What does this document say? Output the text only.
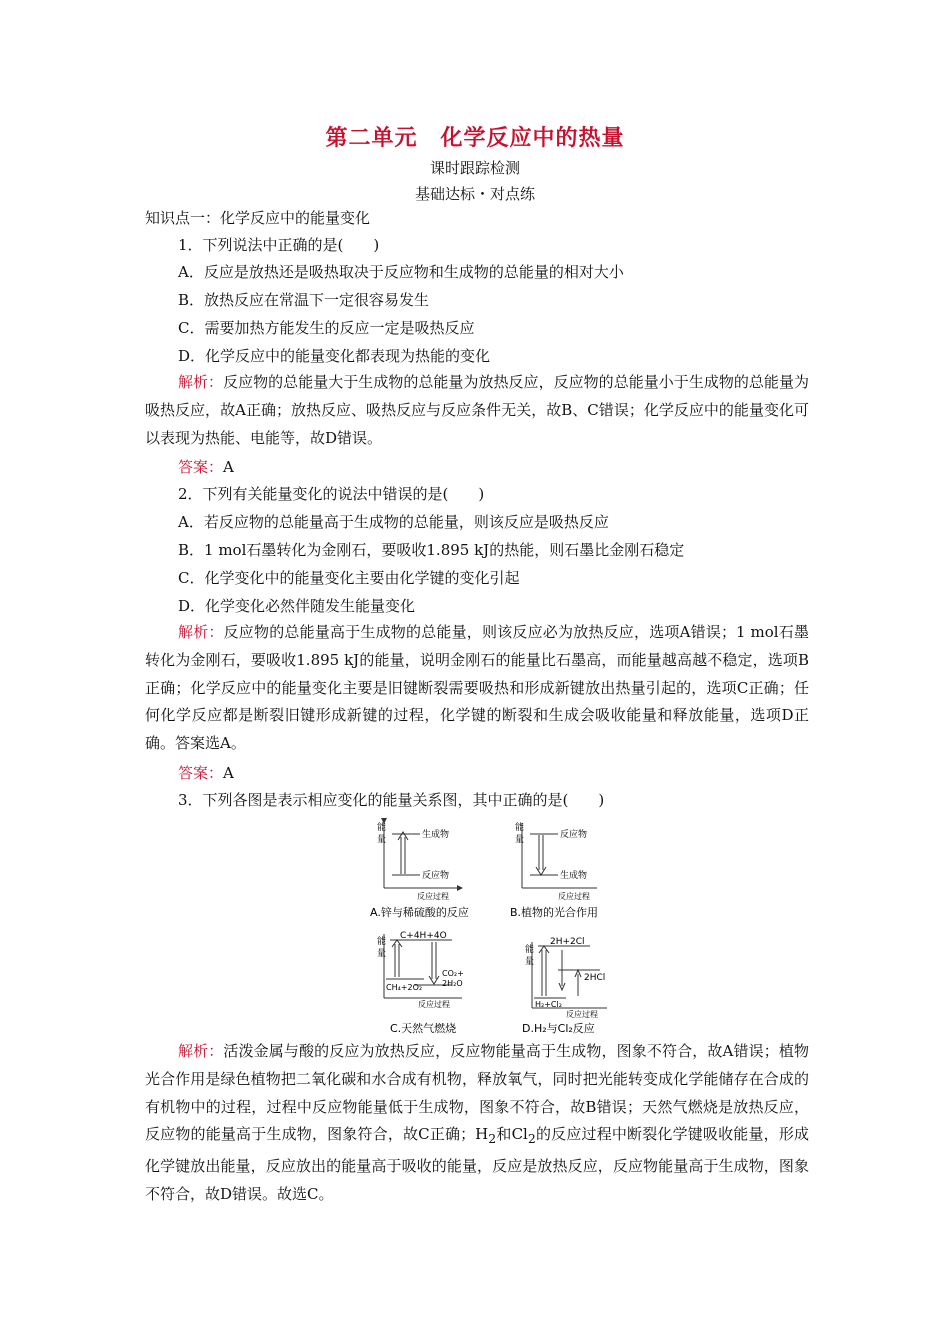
第二单元　化学反应中的热量
课时跟踪检测
基础达标・对点练
知识点一：化学反应中的能量变化
1．下列说法中正确的是(　　)
A．反应是放热还是吸热取决于反应物和生成物的总能量的相对大小
B．放热反应在常温下一定很容易发生
C．需要加热方能发生的反应一定是吸热反应
D．化学反应中的能量变化都表现为热能的变化
解析：反应物的总能量大于生成物的总能量为放热反应，反应物的总能量小于生成物的总能量为吸热反应，故A正确；放热反应、吸热反应与反应条件无关，故B、C错误；化学反应中的能量变化可以表现为热能、电能等，故D错误。
答案：A
2．下列有关能量变化的说法中错误的是(　　)
A．若反应物的总能量高于生成物的总能量，则该反应是吸热反应
B．1 mol石墨转化为金刚石，要吸收1.895 kJ的热能，则石墨比金刚石稳定
C．化学变化中的能量变化主要由化学键的变化引起
D．化学变化必然伴随发生能量变化
解析：反应物的总能量高于生成物的总能量，则该反应必为放热反应，选项A错误；1 mol石墨转化为金刚石，要吸收1.895 kJ的能量，说明金刚石的能量比石墨高，而能量越高越不稳定，选项B正确；化学反应中的能量变化主要是旧键断裂需要吸热和形成新键放出热量引起的，选项C正确；任何化学反应都是断裂旧键形成新键的过程，化学键的断裂和生成会吸收能量和释放能量，选项D正确。答案选A。
答案：A
3．下列各图是表示相应变化的能量关系图，其中正确的是(　　)
能
量	生成物
反应物
反应过程
A.锌与稀硫酸的反应
能
量	反应物
生成物
反应过程
B.植物的光合作用
能
量
C+4H+4O
CH₄+2O₂
CO₂+
2H₂O
反应过程
C.天然气燃烧
能
量
2H+2Cl
2HCl
H₂+Cl₂
反应过程
D.H₂与Cl₂反应
解析：活泼金属与酸的反应为放热反应，反应物能量高于生成物，图象不符合，故A错误；植物光合作用是绿色植物把二氧化碳和水合成有机物，释放氧气，同时把光能转变成化学能储存在合成的有机物中的过程，过程中反应物能量低于生成物，图象不符合，故B错误；天然气燃烧是放热反应，反应物的能量高于生成物，图象符合，故C正确；$H_2$和$Cl_2$的反应过程中断裂化学键吸收能量，形成化学键放出能量，反应放出的能量高于吸收的能量，反应是放热反应，反应物能量高于生成物，图象不符合，故D错误。故选C。
